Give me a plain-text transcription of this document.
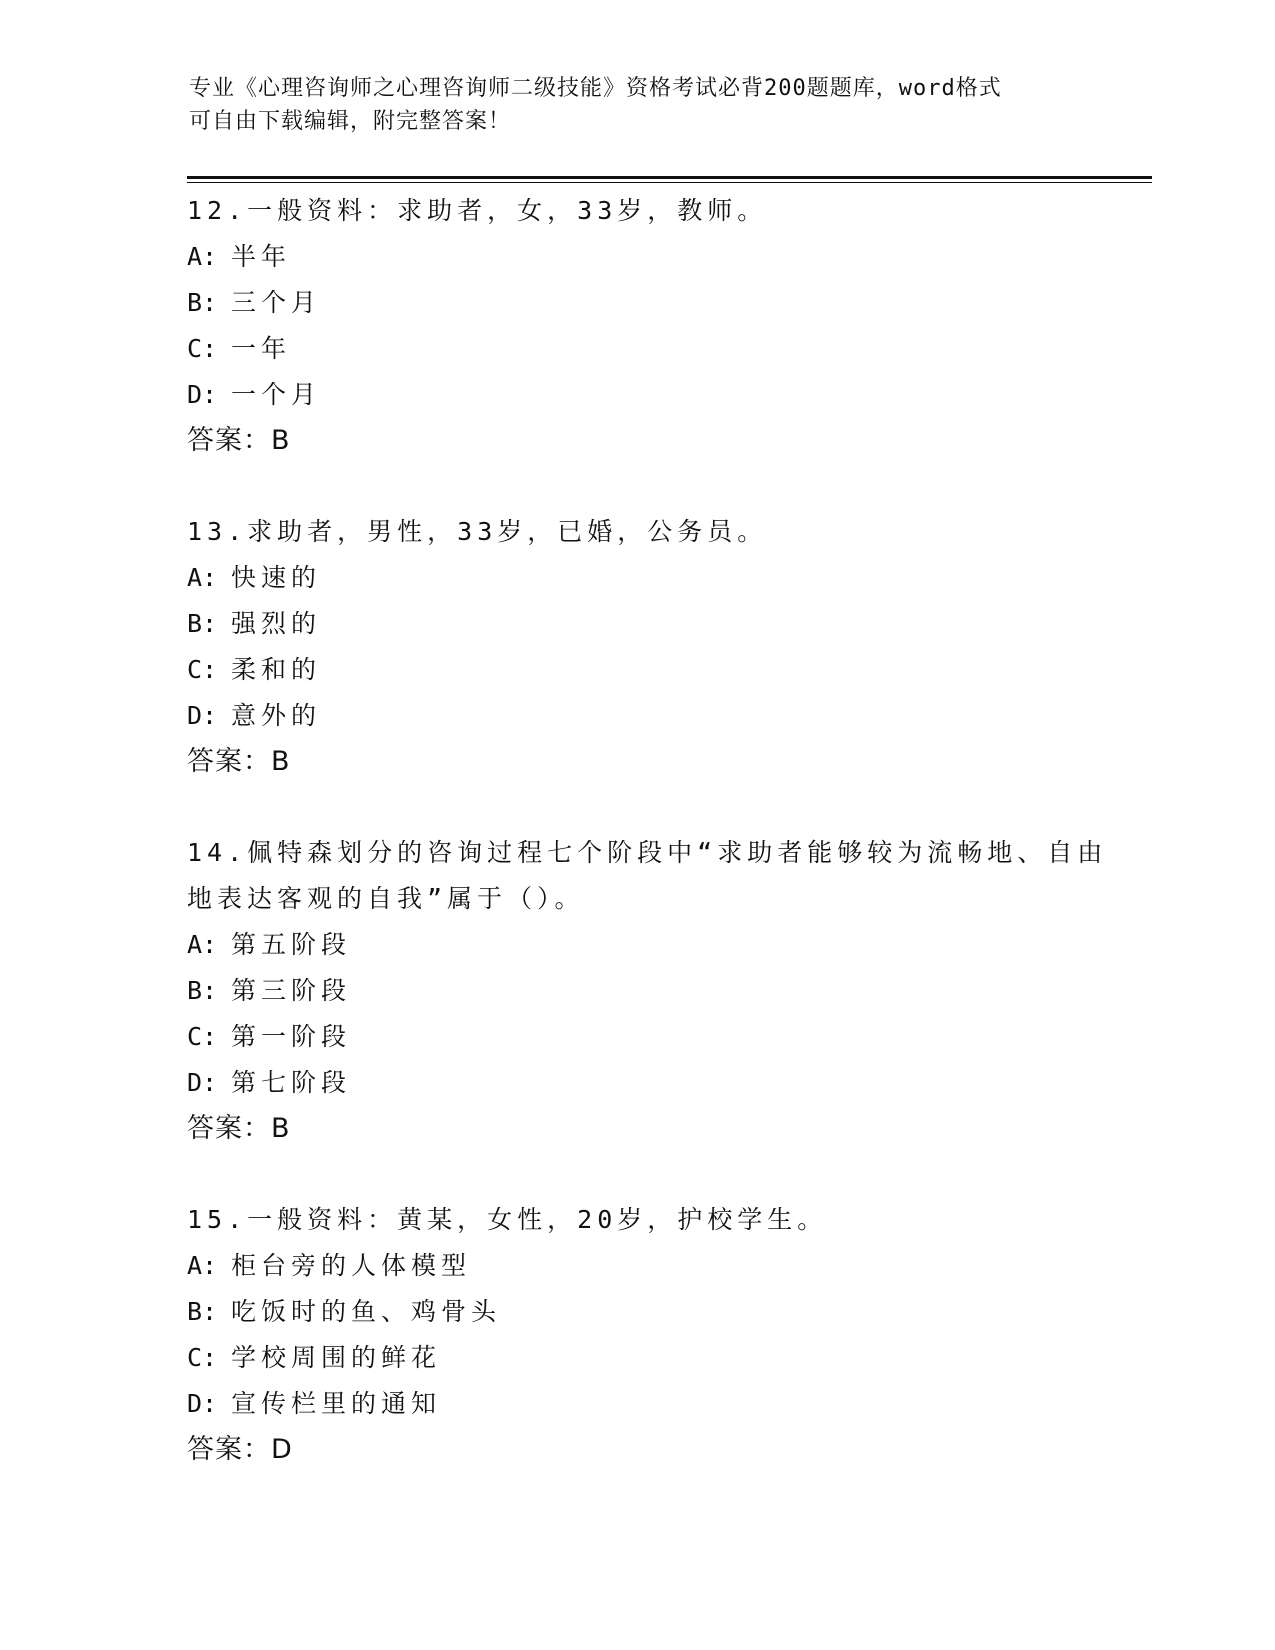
专业《心理咨询师之心理咨询师二级技能》资格考试必背200题题库，word格式
可自由下载编辑，附完整答案！
12.一般资料：求助者，女，33岁，教师。
A: 半年
B: 三个月
C: 一年
D: 一个月
答案：B
13.求助者，男性，33岁，已婚，公务员。
A: 快速的
B: 强烈的
C: 柔和的
D: 意外的
答案：B
14.佩特森划分的咨询过程七个阶段中“求助者能够较为流畅地、自由
地表达客观的自我”属于（）。
A: 第五阶段
B: 第三阶段
C: 第一阶段
D: 第七阶段
答案：B
15.一般资料：黄某，女性，20岁，护校学生。
A: 柜台旁的人体模型
B: 吃饭时的鱼、鸡骨头
C: 学校周围的鲜花
D: 宣传栏里的通知
答案：D
